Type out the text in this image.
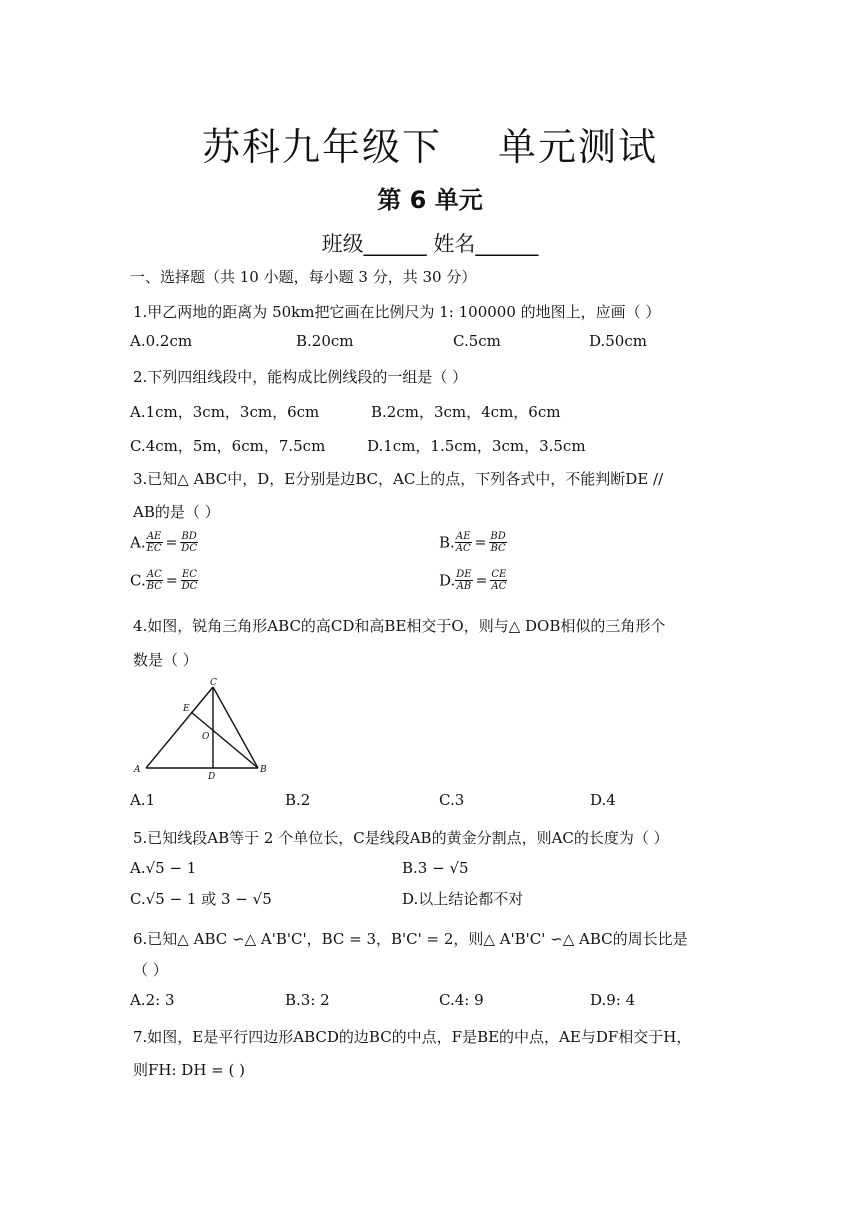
苏科九年级下 单元测试
第 6 单元
班级______ 姓名______
一、选择题（共 10 小题，每小题 3 分，共 30 分）
1.甲乙两地的距离为 50km把它画在比例尺为 1: 100000 的地图上，应画（ ）
A.0.2cm	B.20cm	C.5cm	D.50cm
2.下列四组线段中，能构成比例线段的一组是（ ）
A.1cm，3cm，3cm，6cm	B.2cm，3cm，4cm，6cm
C.4cm，5m，6cm，7.5cm	D.1cm，1.5cm，3cm，3.5cm
3.已知△ ABC中，D，E分别是边BC，AC上的点，下列各式中，不能判断DE //
AB的是（ ）
A. $\frac{AE}{EC} = \frac{BD}{DC}$	B. $\frac{AE}{AC} = \frac{BD}{BC}$
C. $\frac{AC}{BC} = \frac{EC}{DC}$	D. $\frac{DE}{AB} = \frac{CE}{AC}$
4.如图，锐角三角形ABC的高CD和高BE相交于O，则与△ DOB相似的三角形个
数是（ ）
A	B
C
D
E
O
A.1	B.2	C.3	D.4
5.已知线段AB等于 2 个单位长，C是线段AB的黄金分割点，则AC的长度为（ ）
A.√5 − 1	B.3 − √5
C.√5 − 1 或 3 − √5	D.以上结论都不对
6.已知△ ABC ∽△ A'B'C'，BC = 3，B'C' = 2，则△ A'B'C' ∽△ ABC的周长比是
（ ）
A.2: 3	B.3: 2	C.4: 9	D.9: 4
7.如图，E是平行四边形ABCD的边BC的中点，F是BE的中点，AE与DF相交于H，
则FH: DH = ( )
